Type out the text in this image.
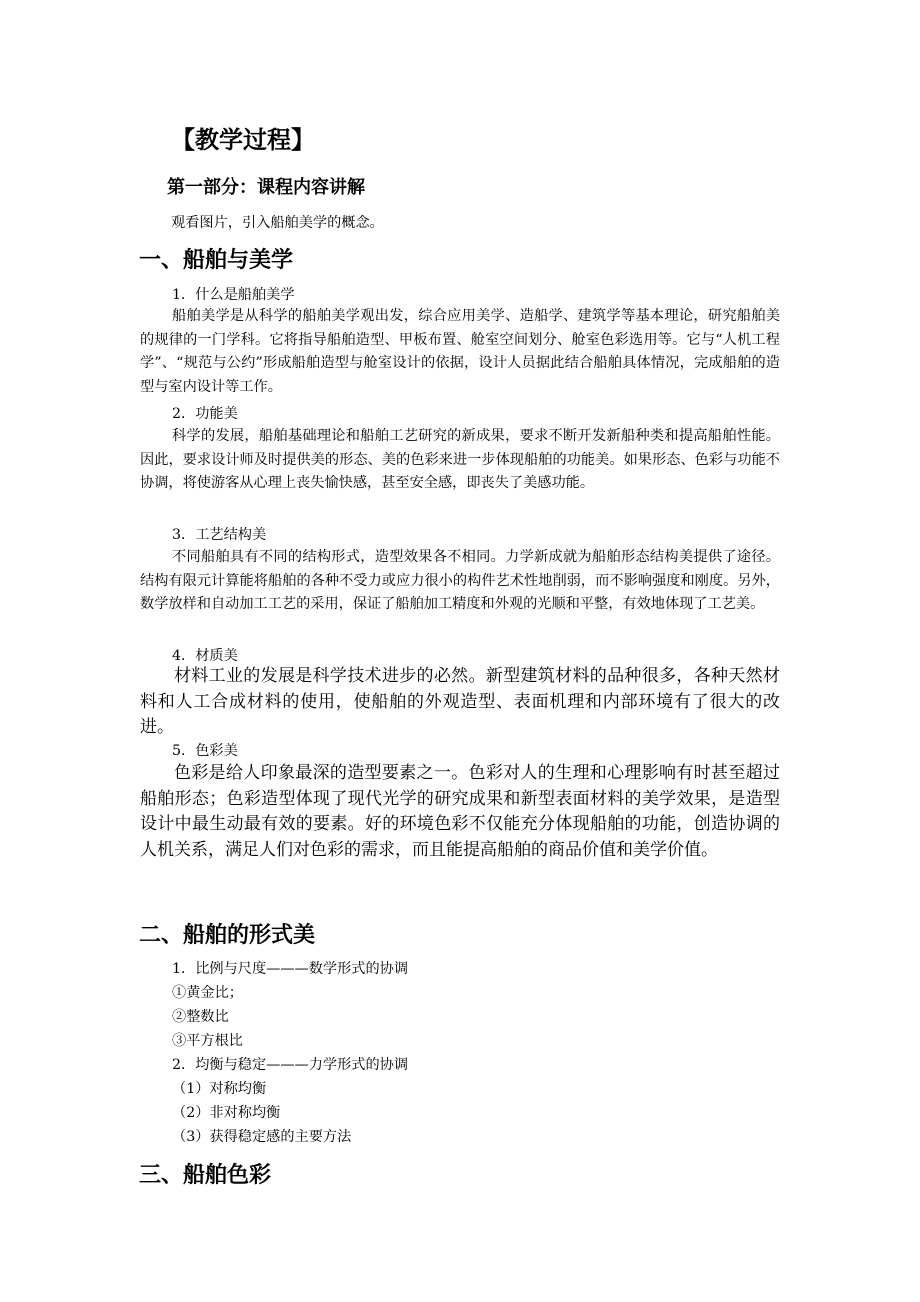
【教学过程】
第一部分：课程内容讲解
观看图片，引入船舶美学的概念。
一、船舶与美学
1．什么是船舶美学
船舶美学是从科学的船舶美学观出发，综合应用美学、造船学、建筑学等基本理论，研究船舶美的规律的一门学科。它将指导船舶造型、甲板布置、舱室空间划分、舱室色彩选用等。它与“人机工程学”、“规范与公约”形成船舶造型与舱室设计的依据，设计人员据此结合船舶具体情况，完成船舶的造型与室内设计等工作。
2．功能美
科学的发展，船舶基础理论和船舶工艺研究的新成果，要求不断开发新船种类和提高船舶性能。因此，要求设计师及时提供美的形态、美的色彩来进一步体现船舶的功能美。如果形态、色彩与功能不协调，将使游客从心理上丧失愉快感，甚至安全感，即丧失了美感功能。
3．工艺结构美
不同船舶具有不同的结构形式，造型效果各不相同。力学新成就为船舶形态结构美提供了途径。结构有限元计算能将船舶的各种不受力或应力很小的构件艺术性地削弱，而不影响强度和刚度。另外，数学放样和自动加工工艺的采用，保证了船舶加工精度和外观的光顺和平整，有效地体现了工艺美。
4．材质美
材料工业的发展是科学技术进步的必然。新型建筑材料的品种很多，各种天然材料和人工合成材料的使用，使船舶的外观造型、表面机理和内部环境有了很大的改进。
5．色彩美
色彩是给人印象最深的造型要素之一。色彩对人的生理和心理影响有时甚至超过船舶形态；色彩造型体现了现代光学的研究成果和新型表面材料的美学效果，是造型设计中最生动最有效的要素。好的环境色彩不仅能充分体现船舶的功能，创造协调的人机关系，满足人们对色彩的需求，而且能提高船舶的商品价值和美学价值。
二、船舶的形式美
1．比例与尺度———数学形式的协调
①黄金比；
②整数比
③平方根比
2．均衡与稳定———力学形式的协调
（1）对称均衡
（2）非对称均衡
（3）获得稳定感的主要方法
三、船舶色彩
